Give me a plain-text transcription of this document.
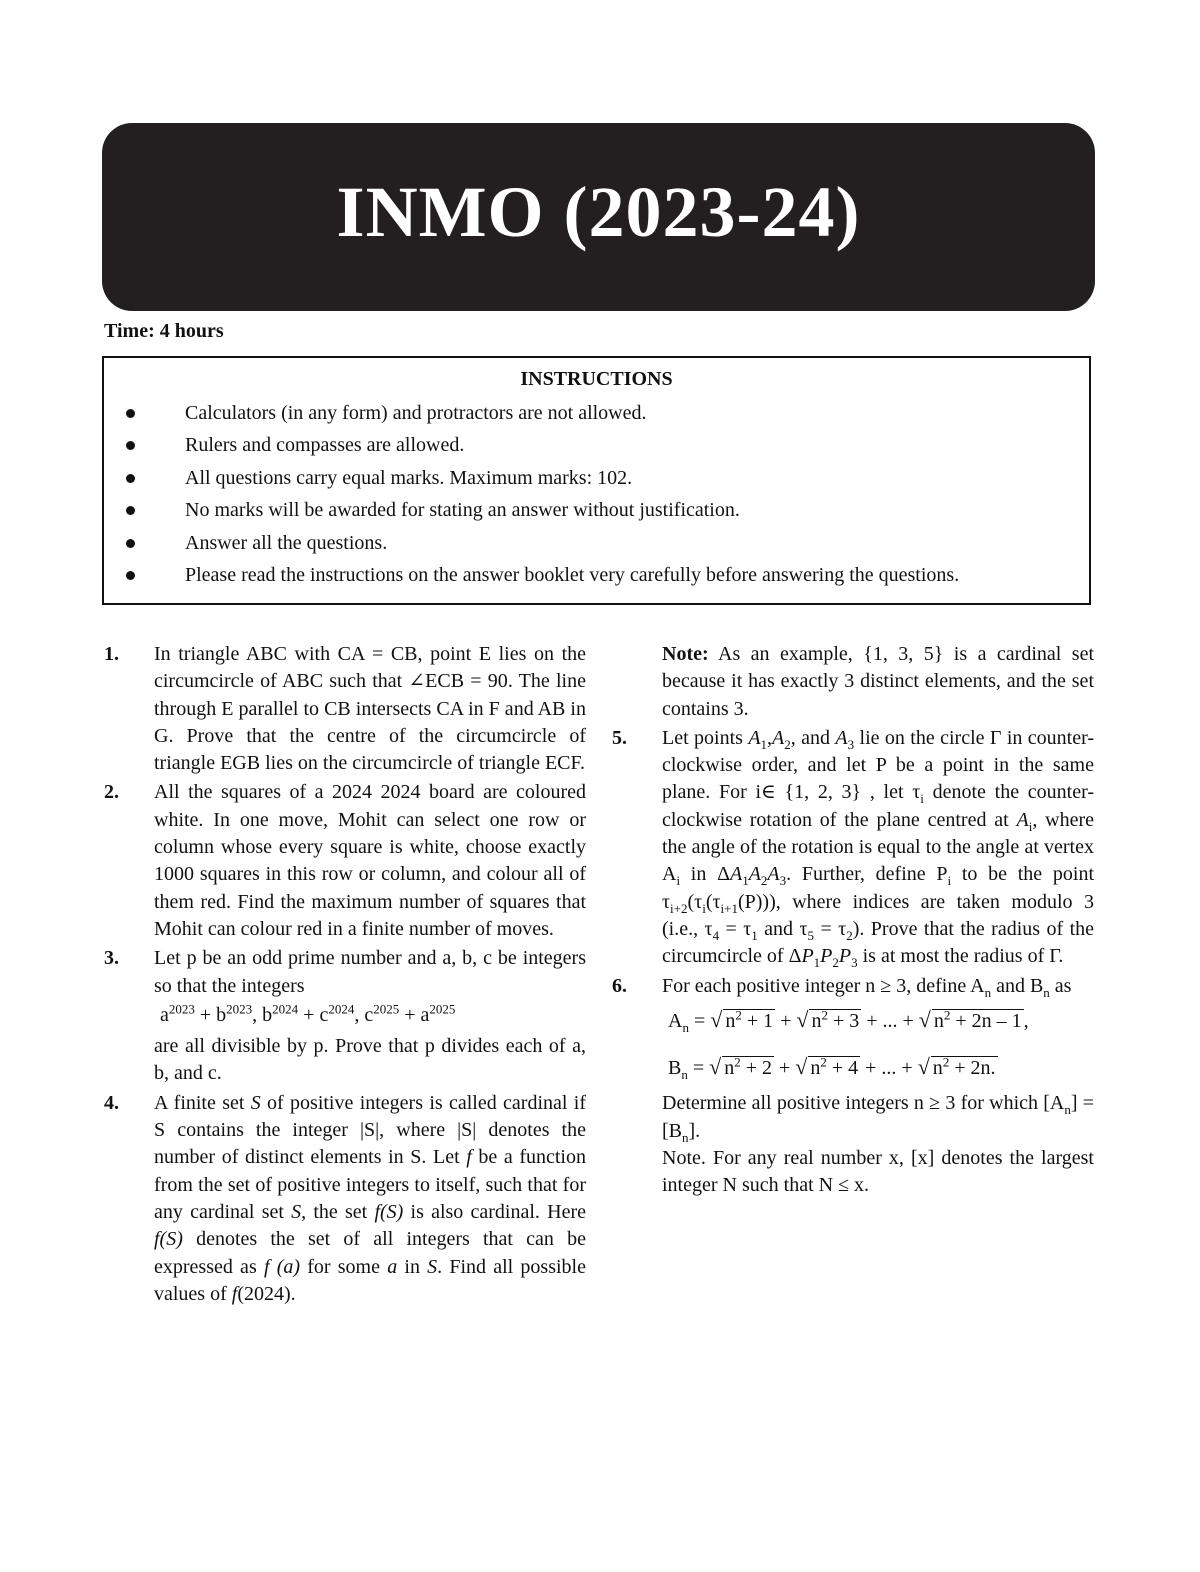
INMO (2023-24)
Time: 4 hours
INSTRUCTIONS
Calculators (in any form) and protractors are not allowed.
Rulers and compasses are allowed.
All questions carry equal marks. Maximum marks: 102.
No marks will be awarded for stating an answer without justification.
Answer all the questions.
Please read the instructions on the answer booklet very carefully before answering the questions.
1. In triangle ABC with CA = CB, point E lies on the circumcircle of ABC such that ∠ECB = 90. The line through E parallel to CB intersects CA in F and AB in G. Prove that the centre of the circumcircle of triangle EGB lies on the circumcircle of triangle ECF.
2. All the squares of a 2024 2024 board are coloured white. In one move, Mohit can select one row or column whose every square is white, choose exactly 1000 squares in this row or column, and colour all of them red. Find the maximum number of squares that Mohit can colour red in a finite number of moves.
3. Let p be an odd prime number and a, b, c be integers so that the integers
$a^{2023} + b^{2023}$, $b^{2024} + c^{2024}$, $c^{2025} + a^{2025}$
are all divisible by p. Prove that p divides each of a, b, and c.
4. A finite set S of positive integers is called cardinal if S contains the integer |S|, where |S| denotes the number of distinct elements in S. Let f be a function from the set of positive integers to itself, such that for any cardinal set S, the set f(S) is also cardinal. Here f(S) denotes the set of all integers that can be expressed as f (a) for some a in S. Find all possible values of f(2024).
Note: As an example, {1, 3, 5} is a cardinal set because it has exactly 3 distinct elements, and the set contains 3.
5. Let points $A_1,A_2$, and $A_3$ lie on the circle Γ in counter-clockwise order, and let P be a point in the same plane. For i∈ {1, 2, 3} , let $\tau_i$ denote the counter-clockwise rotation of the plane centred at $A_i$, where the angle of the rotation is equal to the angle at vertex $A_i$ in $\Delta A_1A_2A_3$. Further, define $P_i$ to be the point $\tau_{i+2}(\tau_i(\tau_{i+1}(P)))$, where indices are taken modulo 3 (i.e., $\tau_4 = \tau_1$ and $\tau_5 = \tau_2$). Prove that the radius of the circumcircle of $\Delta P_1P_2P_3$ is at most the radius of Γ.
6. For each positive integer n ≥ 3, define $A_n$ and $B_n$ as
$A_n$ = √ $n^2 + 1$ + √ $n^2 + 3$ + ... + √ $n^2 + 2n - 1$ ,
$B_n$ = √ $n^2 + 2$ + √ $n^2 + 4$ + ... + √ $n^2 + 2n$.
Determine all positive integers n ≥ 3 for which $[A_n] = [B_n]$.
Note. For any real number x, [x] denotes the largest integer N such that N ≤ x.
